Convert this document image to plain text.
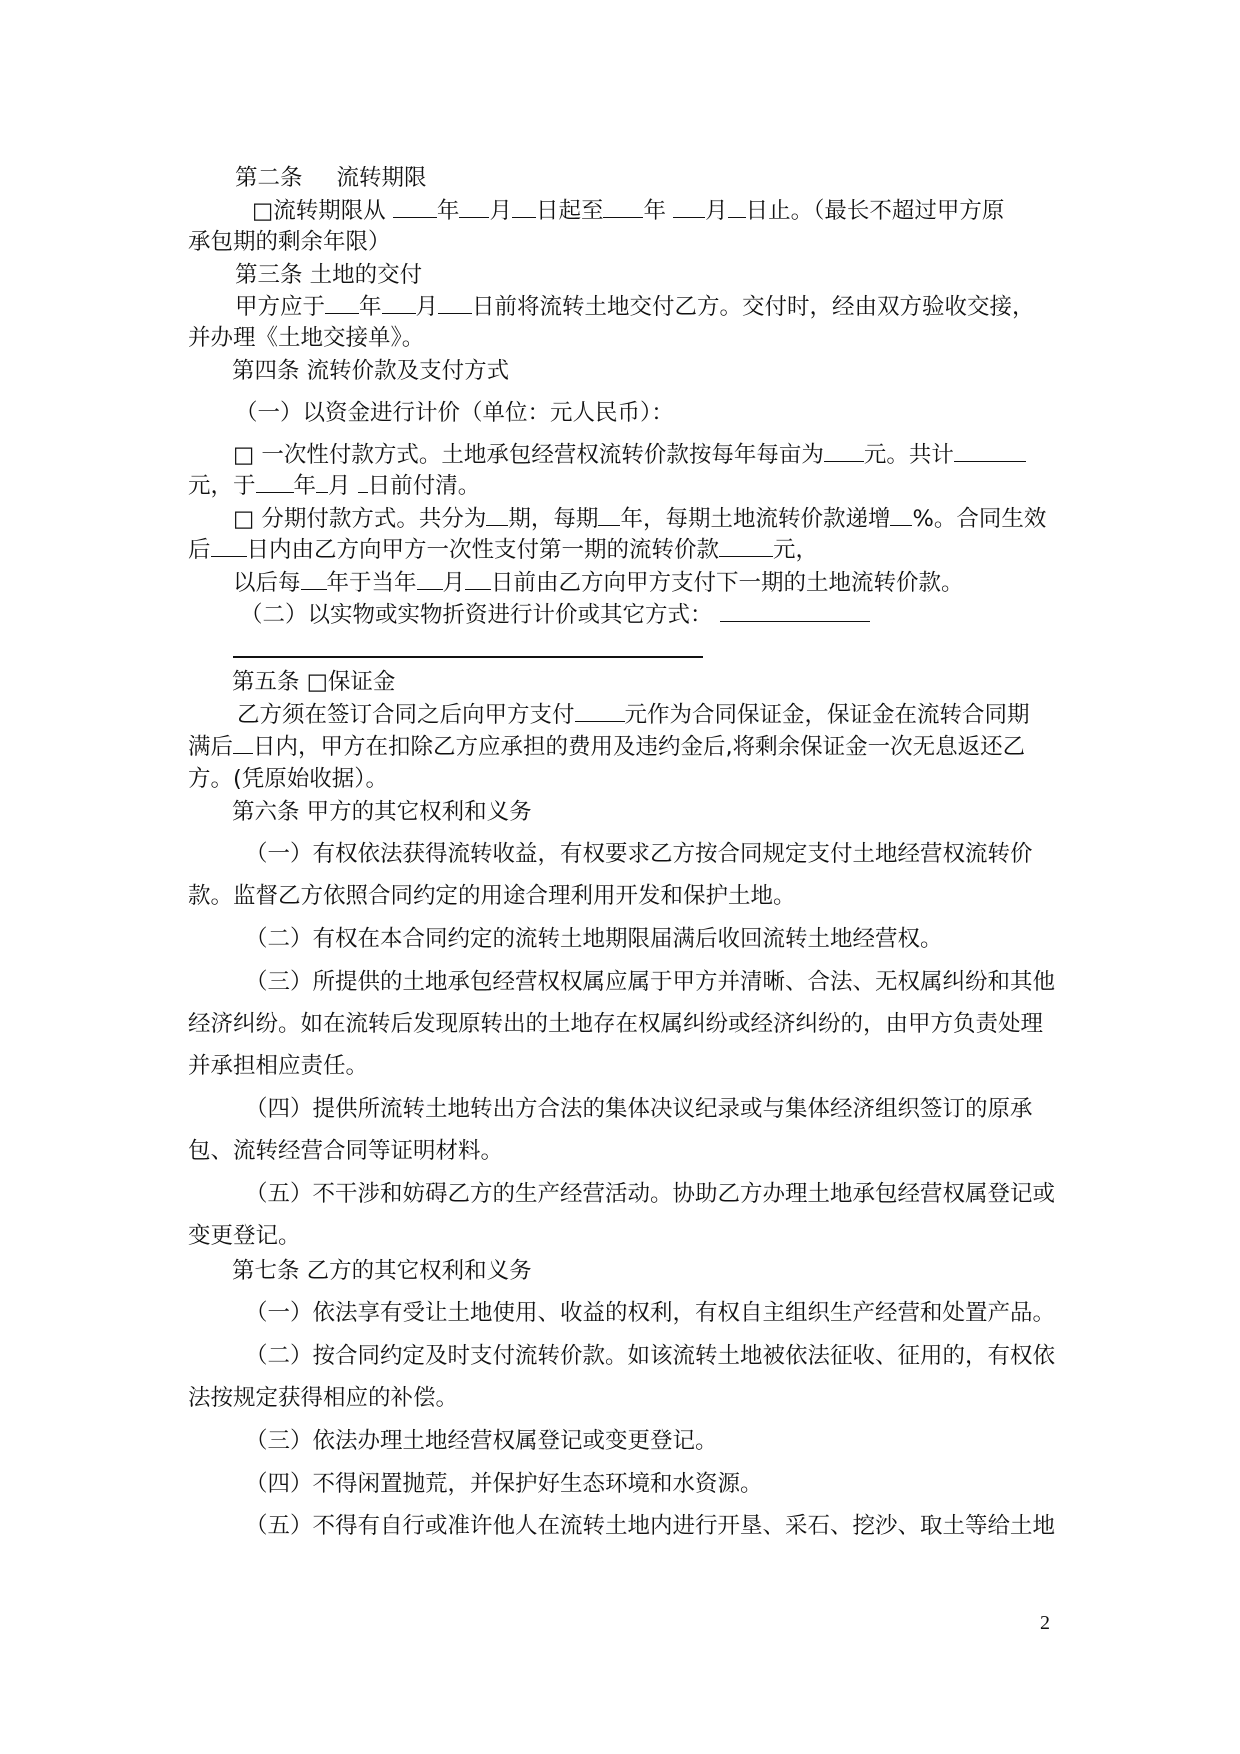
第二条 流转期限
□流转期限从 年 月 日起至 年 月 日止。（最长不超过甲方原
承包期的剩余年限）
第三条 土地的交付
甲方应于 年 月 日前将流转土地交付乙方。交付时，经由双方验收交接，
并办理《土地交接单》。
第四条 流转价款及支付方式
（一）以资金进行计价（单位：元人民币）：
□ 一次性付款方式。土地承包经营权流转价款按每年每亩为 元。共计
元，于 年 月 日前付清。
□ 分期付款方式。共分为 期，每期 年，每期土地流转价款递增 %。合同生效
后 日内由乙方向甲方一次性支付第一期的流转价款 元，
以后每 年于当年 月 日前由乙方向甲方支付下一期的土地流转价款。
（二）以实物或实物折资进行计价或其它方式：
第五条 □保证金
乙方须在签订合同之后向甲方支付 元作为合同保证金，保证金在流转合同期
满后 日内，甲方在扣除乙方应承担的费用及违约金后,将剩余保证金一次无息返还乙
方。(凭原始收据）。
第六条 甲方的其它权利和义务
（一）有权依法获得流转收益，有权要求乙方按合同规定支付土地经营权流转价
款。监督乙方依照合同约定的用途合理利用开发和保护土地。
（二）有权在本合同约定的流转土地期限届满后收回流转土地经营权。
（三）所提供的土地承包经营权权属应属于甲方并清晰、合法、无权属纠纷和其他
经济纠纷。如在流转后发现原转出的土地存在权属纠纷或经济纠纷的，由甲方负责处理
并承担相应责任。
（四）提供所流转土地转出方合法的集体决议纪录或与集体经济组织签订的原承
包、流转经营合同等证明材料。
（五）不干涉和妨碍乙方的生产经营活动。协助乙方办理土地承包经营权属登记或
变更登记。
第七条 乙方的其它权利和义务
（一）依法享有受让土地使用、收益的权利，有权自主组织生产经营和处置产品。
（二）按合同约定及时支付流转价款。如该流转土地被依法征收、征用的，有权依
法按规定获得相应的补偿。
（三）依法办理土地经营权属登记或变更登记。
（四）不得闲置抛荒，并保护好生态环境和水资源。
（五）不得有自行或准许他人在流转土地内进行开垦、采石、挖沙、取土等给土地
2
